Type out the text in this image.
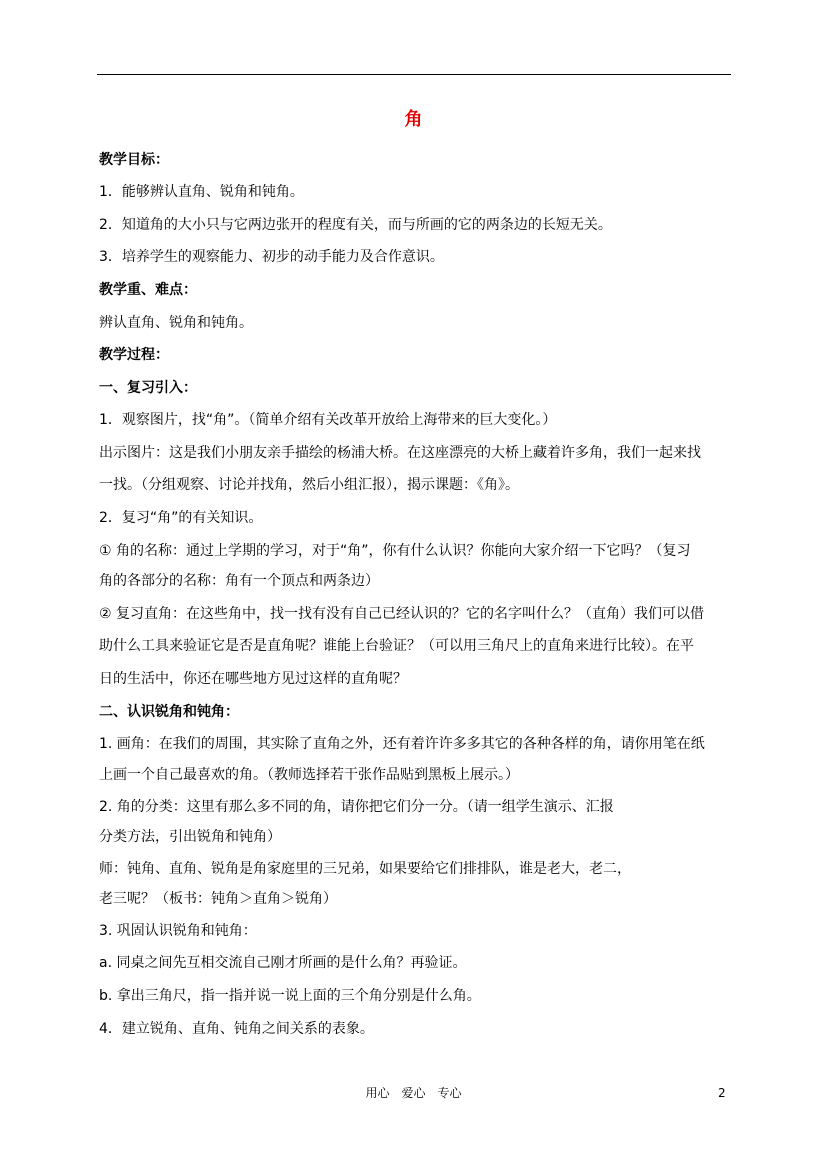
角
教学目标：
1．能够辨认直角、锐角和钝角。
2．知道角的大小只与它两边张开的程度有关，而与所画的它的两条边的长短无关。
3．培养学生的观察能力、初步的动手能力及合作意识。
教学重、难点：
辨认直角、锐角和钝角。
教学过程：
一、复习引入：
1．观察图片，找“角”。（简单介绍有关改革开放给上海带来的巨大变化。）
出示图片：这是我们小朋友亲手描绘的杨浦大桥。在这座漂亮的大桥上藏着许多角，我们一起来找
一找。（分组观察、讨论并找角，然后小组汇报），揭示课题：《角》。
2．复习“角”的有关知识。
① 角的名称：通过上学期的学习，对于“角”，你有什么认识？你能向大家介绍一下它吗？（复习
角的各部分的名称：角有一个顶点和两条边）
② 复习直角：在这些角中，找一找有没有自己已经认识的？它的名字叫什么？（直角）我们可以借
助什么工具来验证它是否是直角呢？谁能上台验证？（可以用三角尺上的直角来进行比较）。在平
日的生活中，你还在哪些地方见过这样的直角呢？
二、认识锐角和钝角：
1. 画角：在我们的周围，其实除了直角之外，还有着许许多多其它的各种各样的角，请你用笔在纸
上画一个自己最喜欢的角。（教师选择若干张作品贴到黑板上展示。）
2. 角的分类：这里有那么多不同的角，请你把它们分一分。（请一组学生演示、汇报
分类方法，引出锐角和钝角）
师：钝角、直角、锐角是角家庭里的三兄弟，如果要给它们排排队，谁是老大，老二，
老三呢？（板书：钝角＞直角＞锐角）
3. 巩固认识锐角和钝角：
a. 同桌之间先互相交流自己刚才所画的是什么角？再验证。
b. 拿出三角尺，指一指并说一说上面的三个角分别是什么角。
4．建立锐角、直角、钝角之间关系的表象。
用心　爱心　专心	2
